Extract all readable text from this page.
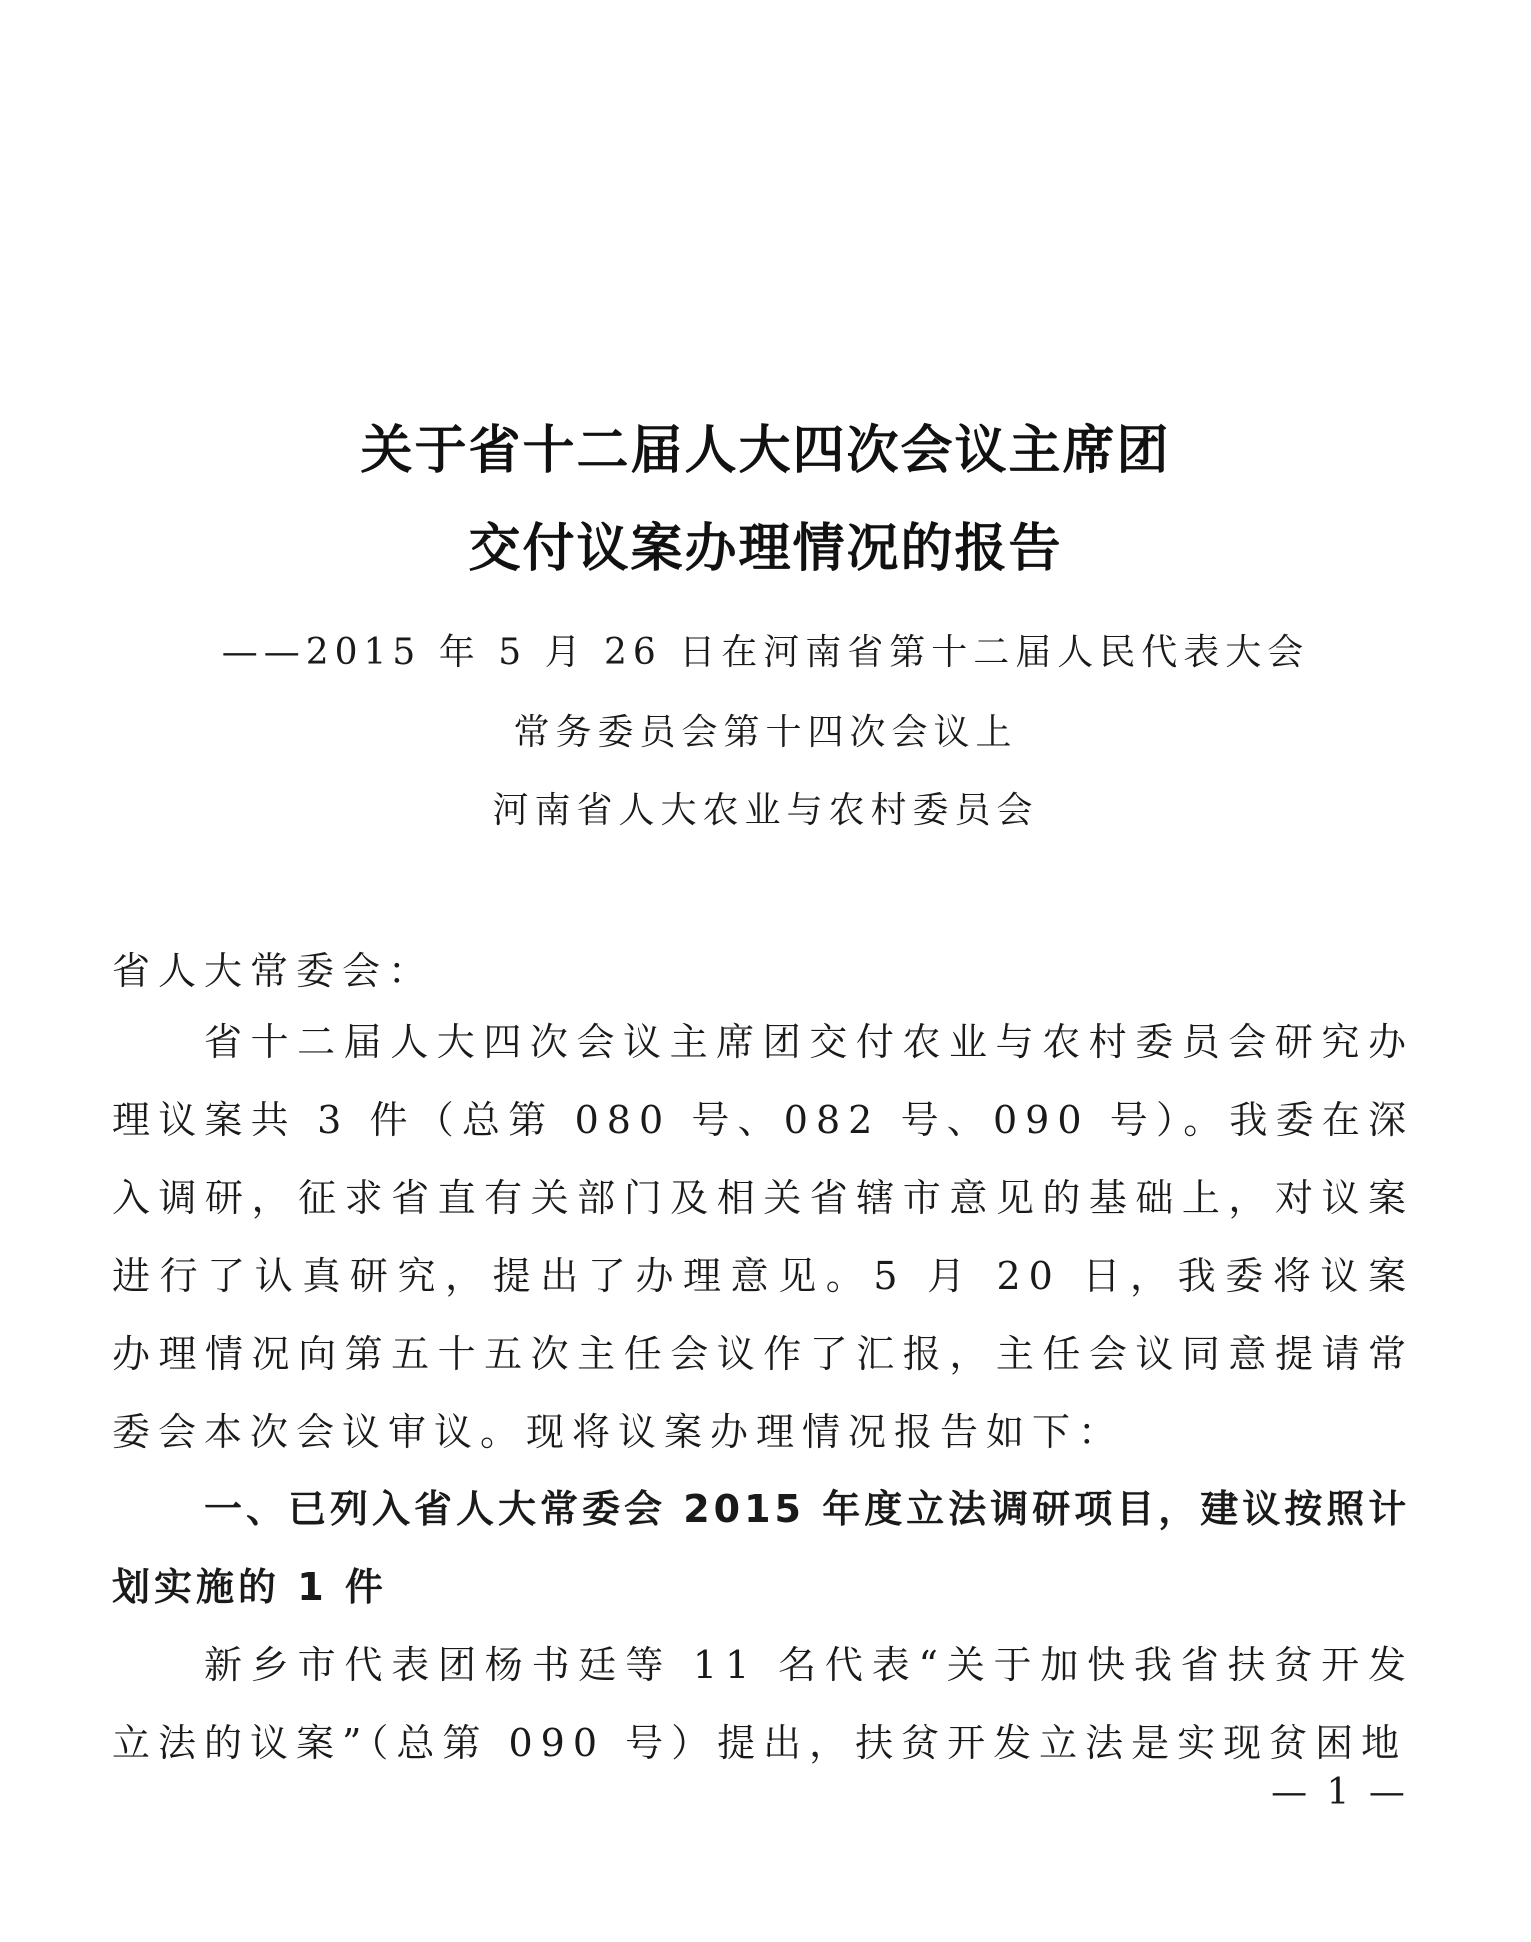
关于省十二届人大四次会议主席团
交付议案办理情况的报告
——2015 年 5 月 26 日在河南省第十二届人民代表大会
常务委员会第十四次会议上
河南省人大农业与农村委员会
省人大常委会：

省十二届人大四次会议主席团交付农业与农村委员会研究办理议案共 3 件（总第 080 号、082 号、090 号）。我委在深入调研，征求省直有关部门及相关省辖市意见的基础上，对议案进行了认真研究，提出了办理意见。5 月 20 日，我委将议案办理情况向第五十五次主任会议作了汇报，主任会议同意提请常委会本次会议审议。现将议案办理情况报告如下：

一、已列入省人大常委会 2015 年度立法调研项目，建议按照计划实施的 1 件

新乡市代表团杨书廷等 11 名代表“关于加快我省扶贫开发立法的议案”（总第 090 号）提出，扶贫开发立法是实现贫困地

— 1 —
